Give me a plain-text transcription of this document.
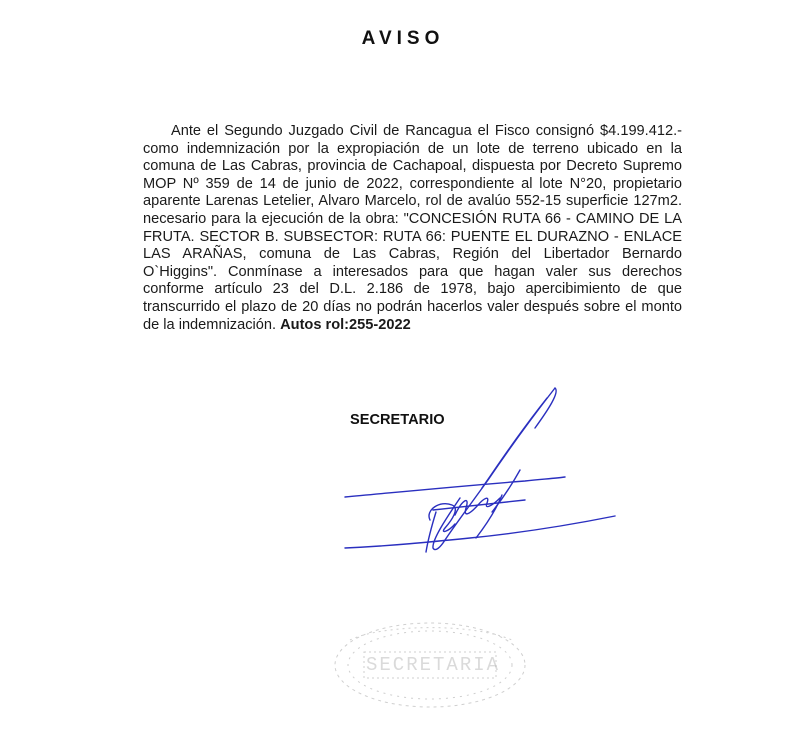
AVISO
Ante el Segundo Juzgado Civil de Rancagua el Fisco consignó $4.199.412.- como indemnización por la expropiación de un lote de terreno ubicado en la comuna de Las Cabras, provincia de Cachapoal, dispuesta por Decreto Supremo MOP Nº 359 de 14 de junio de 2022, correspondiente al lote N°20, propietario aparente Larenas Letelier, Alvaro Marcelo, rol de avalúo 552-15 superficie 127m2. necesario para la ejecución de la obra: "CONCESIÓN RUTA 66 - CAMINO DE LA FRUTA. SECTOR B. SUBSECTOR: RUTA 66: PUENTE EL DURAZNO - ENLACE LAS ARAÑAS, comuna de Las Cabras, Región del Libertador Bernardo O`Higgins". Conmínase a interesados para que hagan valer sus derechos conforme artículo 23 del D.L. 2.186 de 1978, bajo apercibimiento de que transcurrido el plazo de 20 días no podrán hacerlos valer después sobre el monto de la indemnización. Autos rol:255-2022
SECRETARIO
SECRETARIA
